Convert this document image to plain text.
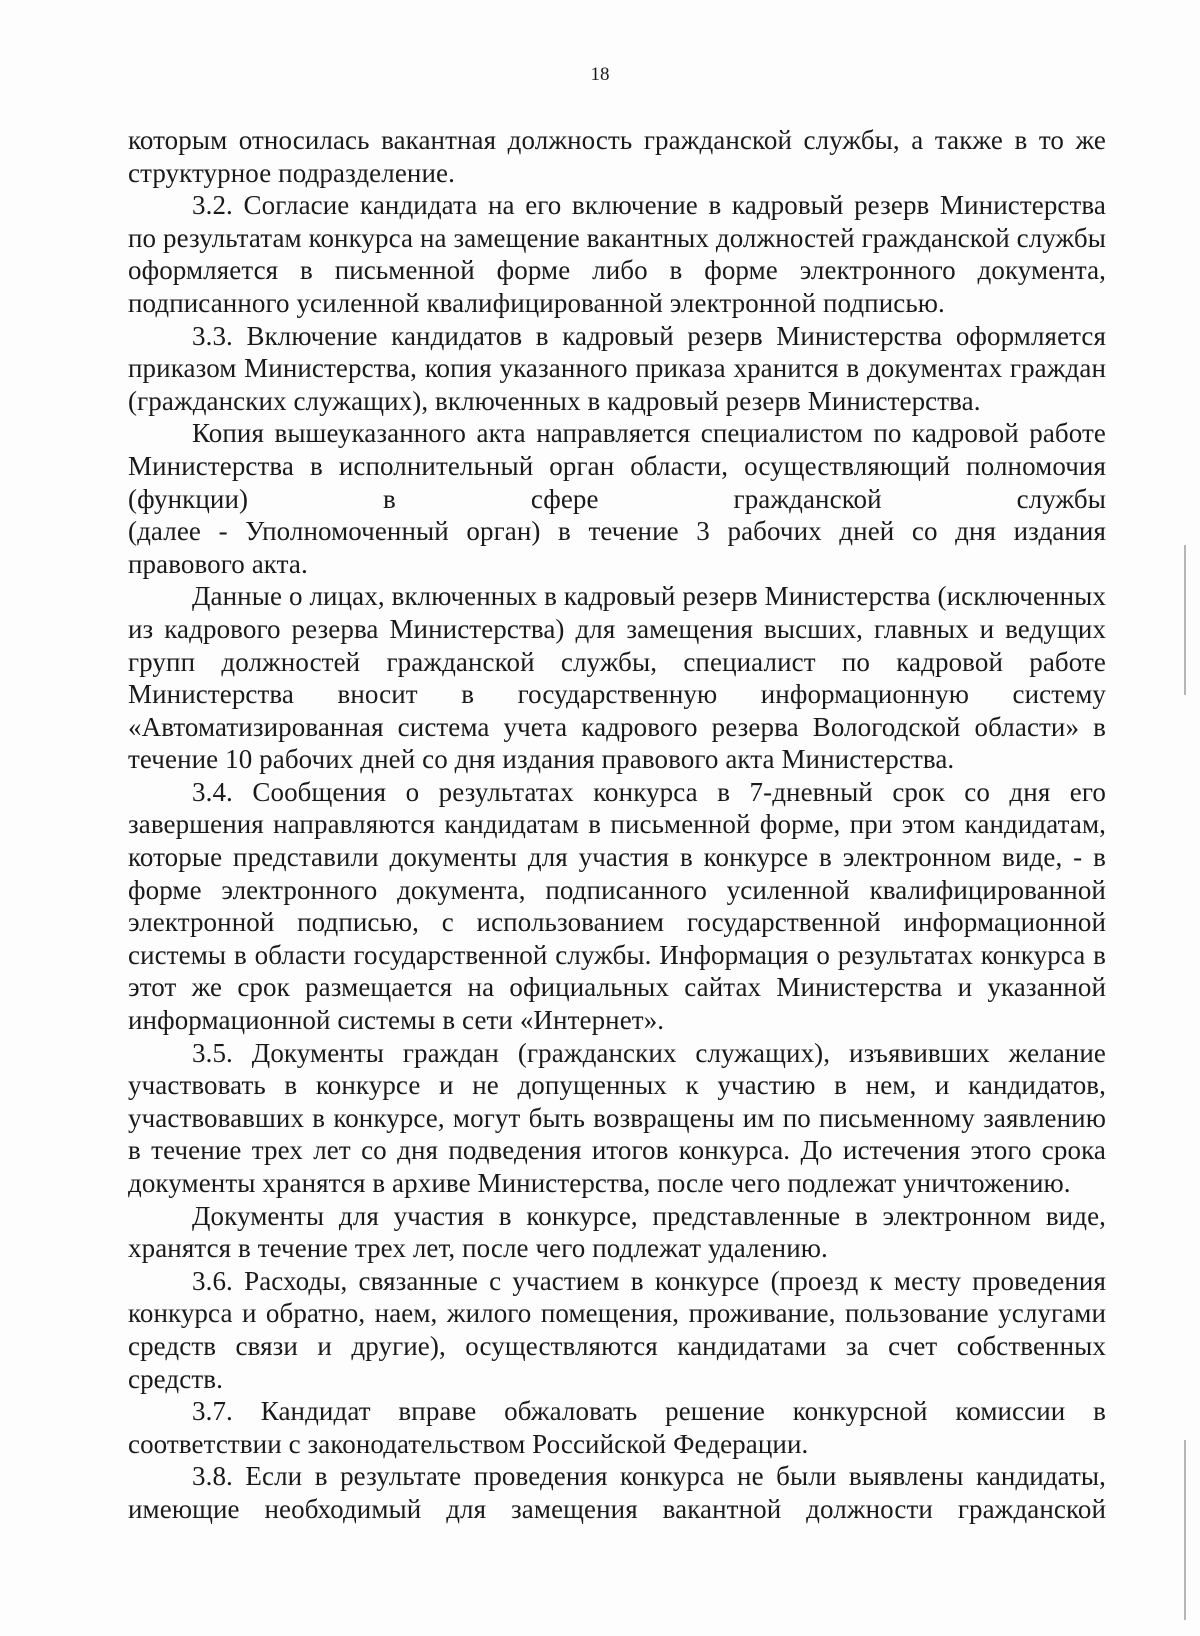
18

которым относилась вакантная должность гражданской службы, а также в то же структурное подразделение.

3.2. Согласие кандидата на его включение в кадровый резерв Министерства по результатам конкурса на замещение вакантных должностей гражданской службы оформляется в письменной форме либо в форме электронного документа, подписанного усиленной квалифицированной электронной подписью.

3.3. Включение кандидатов в кадровый резерв Министерства оформляется приказом Министерства, копия указанного приказа хранится в документах граждан (гражданских служащих), включенных в кадровый резерв Министерства.

Копия вышеуказанного акта направляется специалистом по кадровой работе Министерства в исполнительный орган области, осуществляющий полномочия (функции) в сфере гражданской службы

(далее - Уполномоченный орган) в течение 3 рабочих дней со дня издания правового акта.

Данные о лицах, включенных в кадровый резерв Министерства (исключенных из кадрового резерва Министерства) для замещения высших, главных и ведущих групп должностей гражданской службы, специалист по кадровой работе Министерства вносит в государственную информационную систему «Автоматизированная система учета кадрового резерва Вологодской области» в течение 10 рабочих дней со дня издания правового акта Министерства.

3.4. Сообщения о результатах конкурса в 7-дневный срок со дня его завершения направляются кандидатам в письменной форме, при этом кандидатам, которые представили документы для участия в конкурсе в электронном виде, - в форме электронного документа, подписанного усиленной квалифицированной электронной подписью, с использованием государственной информационной системы в области государственной службы. Информация о результатах конкурса в этот же срок размещается на официальных сайтах Министерства и указанной информационной системы в сети «Интернет».

3.5. Документы граждан (гражданских служащих), изъявивших желание участвовать в конкурсе и не допущенных к участию в нем, и кандидатов, участвовавших в конкурсе, могут быть возвращены им по письменному заявлению в течение трех лет со дня подведения итогов конкурса. До истечения этого срока документы хранятся в архиве Министерства, после чего подлежат уничтожению.

Документы для участия в конкурсе, представленные в электронном виде, хранятся в течение трех лет, после чего подлежат удалению.

3.6. Расходы, связанные с участием в конкурсе (проезд к месту проведения конкурса и обратно, наем, жилого помещения, проживание, пользование услугами средств связи и другие), осуществляются кандидатами за счет собственных средств.

3.7. Кандидат вправе обжаловать решение конкурсной комиссии в соответствии с законодательством Российской Федерации.

3.8. Если в результате проведения конкурса не были выявлены кандидаты, имеющие необходимый для замещения вакантной должности гражданской
